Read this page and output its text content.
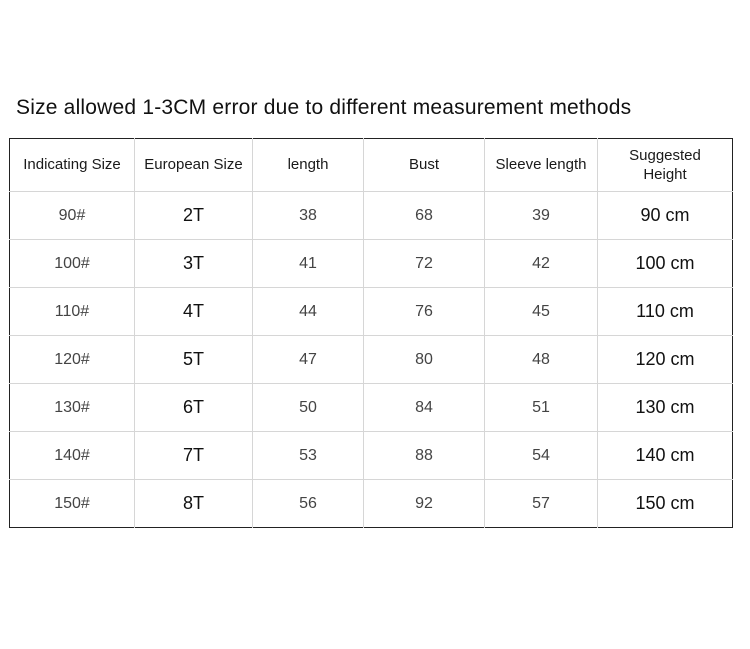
Size allowed 1-3CM error due to different measurement methods
Indicating Size	European Size	length	Bust	Sleeve length	Suggested Height
90#	2T	38	68	39	90 cm
100#	3T	41	72	42	100 cm
110#	4T	44	76	45	110 cm
120#	5T	47	80	48	120 cm
130#	6T	50	84	51	130 cm
140#	7T	53	88	54	140 cm
150#	8T	56	92	57	150 cm
